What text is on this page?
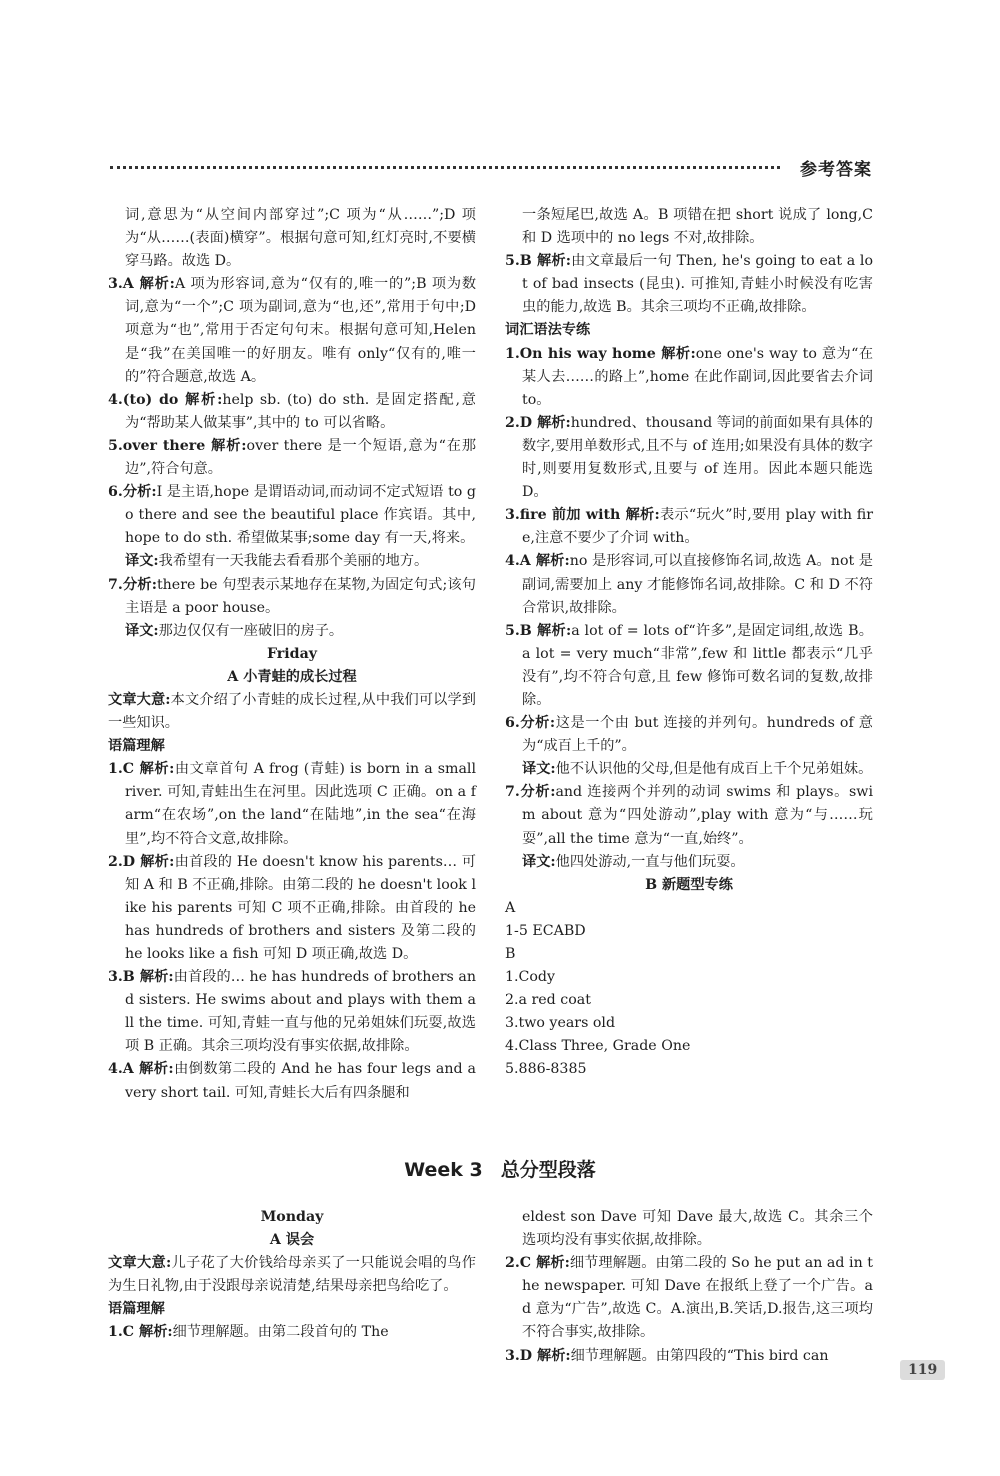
参考答案

词,意思为“从空间内部穿过”;C 项为“从……”;D 项为“从……(表面)横穿”。根据句意可知,红灯亮时,不要横穿马路。故选 D。

3.A 解析:A 项为形容词,意为“仅有的,唯一的”;B 项为数词,意为“一个”;C 项为副词,意为“也,还”,常用于句中;D 项意为“也”,常用于否定句句末。根据句意可知,Helen 是“我”在美国唯一的好朋友。唯有 only“仅有的,唯一的”符合题意,故选 A。

4.(to) do 解析:help sb. (to) do sth. 是固定搭配,意为“帮助某人做某事”,其中的 to 可以省略。

5.over there 解析:over there 是一个短语,意为“在那边”,符合句意。

6.分析:I 是主语,hope 是谓语动词,而动词不定式短语 to go there and see the beautiful place 作宾语。其中,hope to do sth. 希望做某事;some day 有一天,将来。

译文:我希望有一天我能去看看那个美丽的地方。

7.分析:there be 句型表示某地存在某物,为固定句式;该句主语是 a poor house。

译文:那边仅仅有一座破旧的房子。

Friday

A 小青蛙的成长过程

文章大意:本文介绍了小青蛙的成长过程,从中我们可以学到一些知识。

语篇理解

1.C 解析:由文章首句 A frog (青蛙) is born in a small river. 可知,青蛙出生在河里。因此选项 C 正确。on a farm“在农场”,on the land“在陆地”,in the sea“在海里”,均不符合文意,故排除。

2.D 解析:由首段的 He doesn't know his parents… 可知 A 和 B 不正确,排除。由第二段的 he doesn't look like his parents 可知 C 项不正确,排除。由首段的 he has hundreds of brothers and sisters 及第二段的 he looks like a fish 可知 D 项正确,故选 D。

3.B 解析:由首段的… he has hundreds of brothers and sisters. He swims about and plays with them all the time. 可知,青蛙一直与他的兄弟姐妹们玩耍,故选项 B 正确。其余三项均没有事实依据,故排除。

4.A 解析:由倒数第二段的 And he has four legs and a very short tail. 可知,青蛙长大后有四条腿和

一条短尾巴,故选 A。B 项错在把 short 说成了 long,C 和 D 选项中的 no legs 不对,故排除。

5.B 解析:由文章最后一句 Then, he's going to eat a lot of bad insects (昆虫). 可推知,青蛙小时候没有吃害虫的能力,故选 B。其余三项均不正确,故排除。

词汇语法专练

1.On his way home 解析:one one's way to 意为“在某人去……的路上”,home 在此作副词,因此要省去介词 to。

2.D 解析:hundred、thousand 等词的前面如果有具体的数字,要用单数形式,且不与 of 连用;如果没有具体的数字时,则要用复数形式,且要与 of 连用。因此本题只能选 D。

3.fire 前加 with 解析:表示“玩火”时,要用 play with fire,注意不要少了介词 with。

4.A 解析:no 是形容词,可以直接修饰名词,故选 A。not 是副词,需要加上 any 才能修饰名词,故排除。C 和 D 不符合常识,故排除。

5.B 解析:a lot of = lots of“许多”,是固定词组,故选 B。a lot = very much“非常”,few 和 little 都表示“几乎没有”,均不符合句意,且 few 修饰可数名词的复数,故排除。

6.分析:这是一个由 but 连接的并列句。hundreds of 意为“成百上千的”。

译文:他不认识他的父母,但是他有成百上千个兄弟姐妹。

7.分析:and 连接两个并列的动词 swims 和 plays。swim about 意为“四处游动”,play with 意为“与……玩耍”,all the time 意为“一直,始终”。

译文:他四处游动,一直与他们玩耍。

B 新题型专练

A

1-5 ECABD

B

1.Cody

2.a red coat

3.two years old

4.Class Three, Grade One

5.886-8385

Week 3 总分型段落

Monday

A 误会

文章大意:儿子花了大价钱给母亲买了一只能说会唱的鸟作为生日礼物,由于没跟母亲说清楚,结果母亲把鸟给吃了。

语篇理解

1.C 解析:细节理解题。由第二段首句的 The

eldest son Dave 可知 Dave 最大,故选 C。其余三个选项均没有事实依据,故排除。

2.C 解析:细节理解题。由第二段的 So he put an ad in the newspaper. 可知 Dave 在报纸上登了一个广告。ad 意为“广告”,故选 C。A.演出,B.笑话,D.报告,这三项均不符合事实,故排除。

3.D 解析:细节理解题。由第四段的“This bird can

119
